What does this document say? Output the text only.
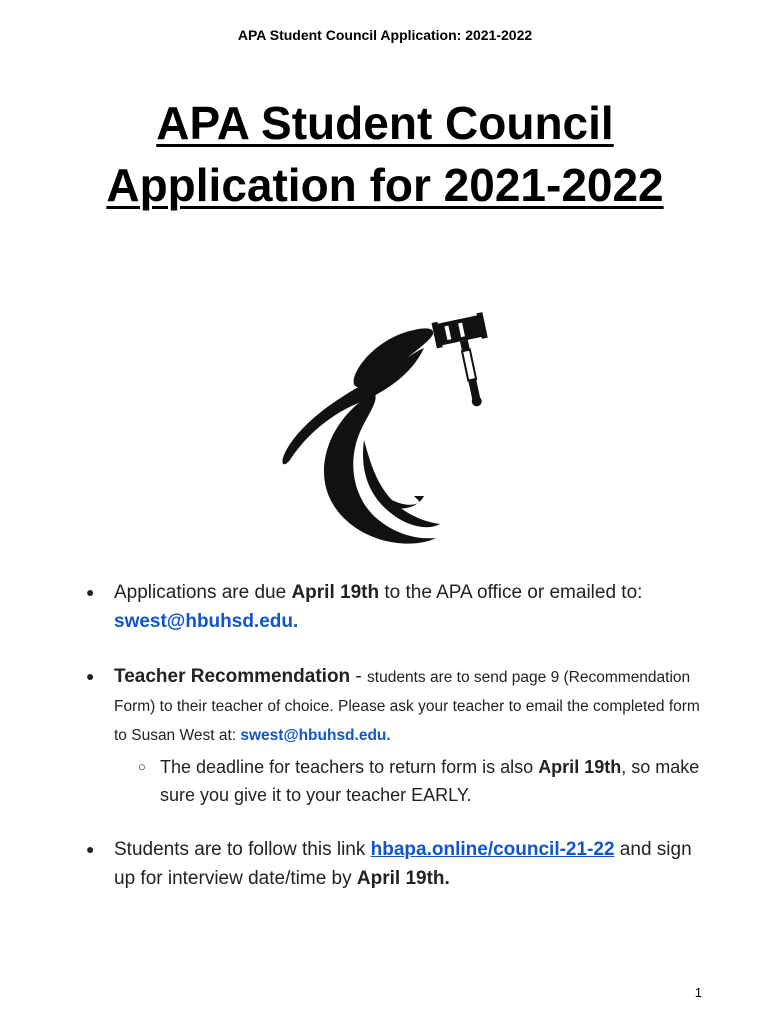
APA Student Council Application: 2021-2022
APA Student Council
Application for 2021-2022
● Applications are due April 19th to the APA office or emailed to:
swest@hbuhsd.edu.
● Teacher Recommendation - students are to send page 9 (Recommendation Form) to their teacher of choice. Please ask your teacher to email the completed form to Susan West at: swest@hbuhsd.edu.
○ The deadline for teachers to return form is also April 19th, so make sure you give it to your teacher EARLY.
● Students are to follow this link hbapa.online/council-21-22 and sign up for interview date/time by April 19th.
1
